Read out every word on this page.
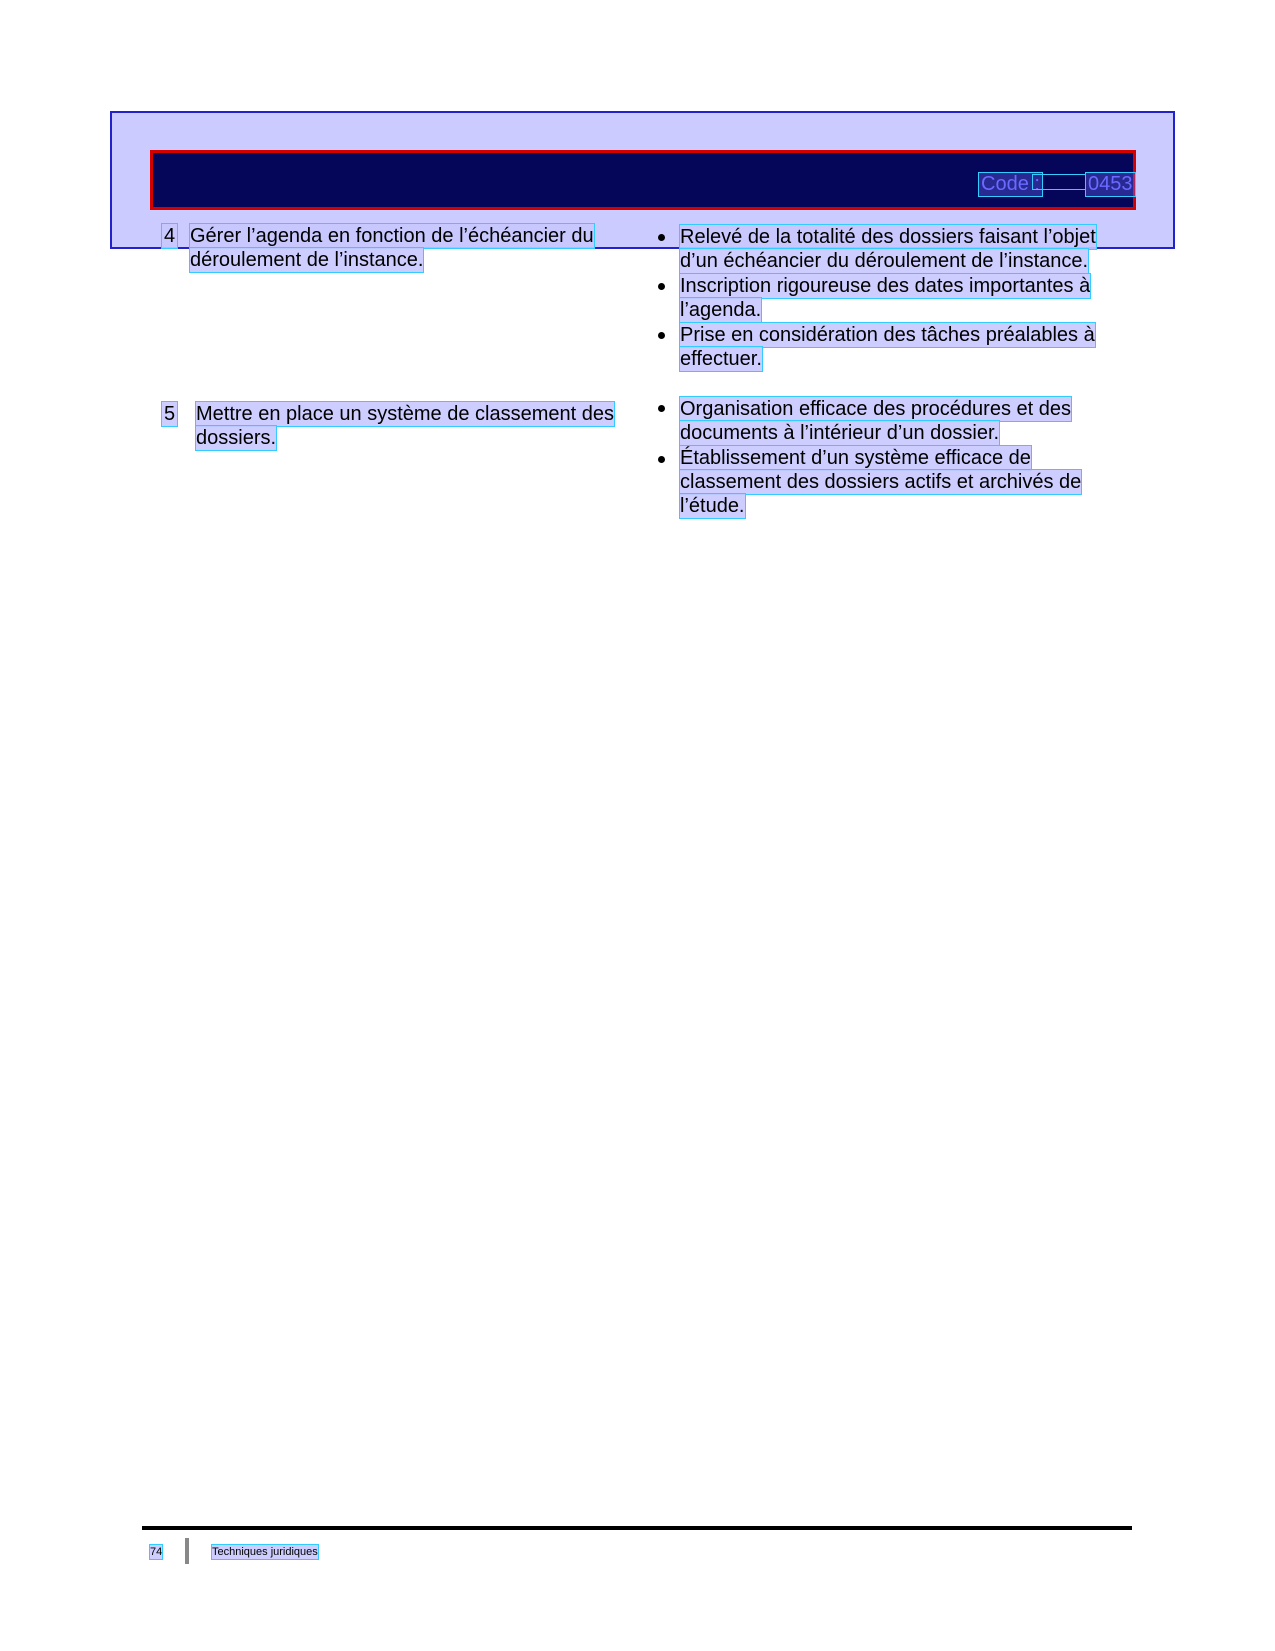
Code : 0453
4 Gérer l’agenda en fonction de l’échéancier du
déroulement de l’instance.
Relevé de la totalité des dossiers faisant l’objet
d’un échéancier du déroulement de l’instance.
Inscription rigoureuse des dates importantes à
l’agenda.
Prise en considération des tâches préalables à
effectuer.
5 Mettre en place un système de classement des
dossiers.
Organisation efficace des procédures et des
documents à l’intérieur d’un dossier.
Établissement d’un système efficace de
classement des dossiers actifs et archivés de
l’étude.
74	Techniques juridiques
